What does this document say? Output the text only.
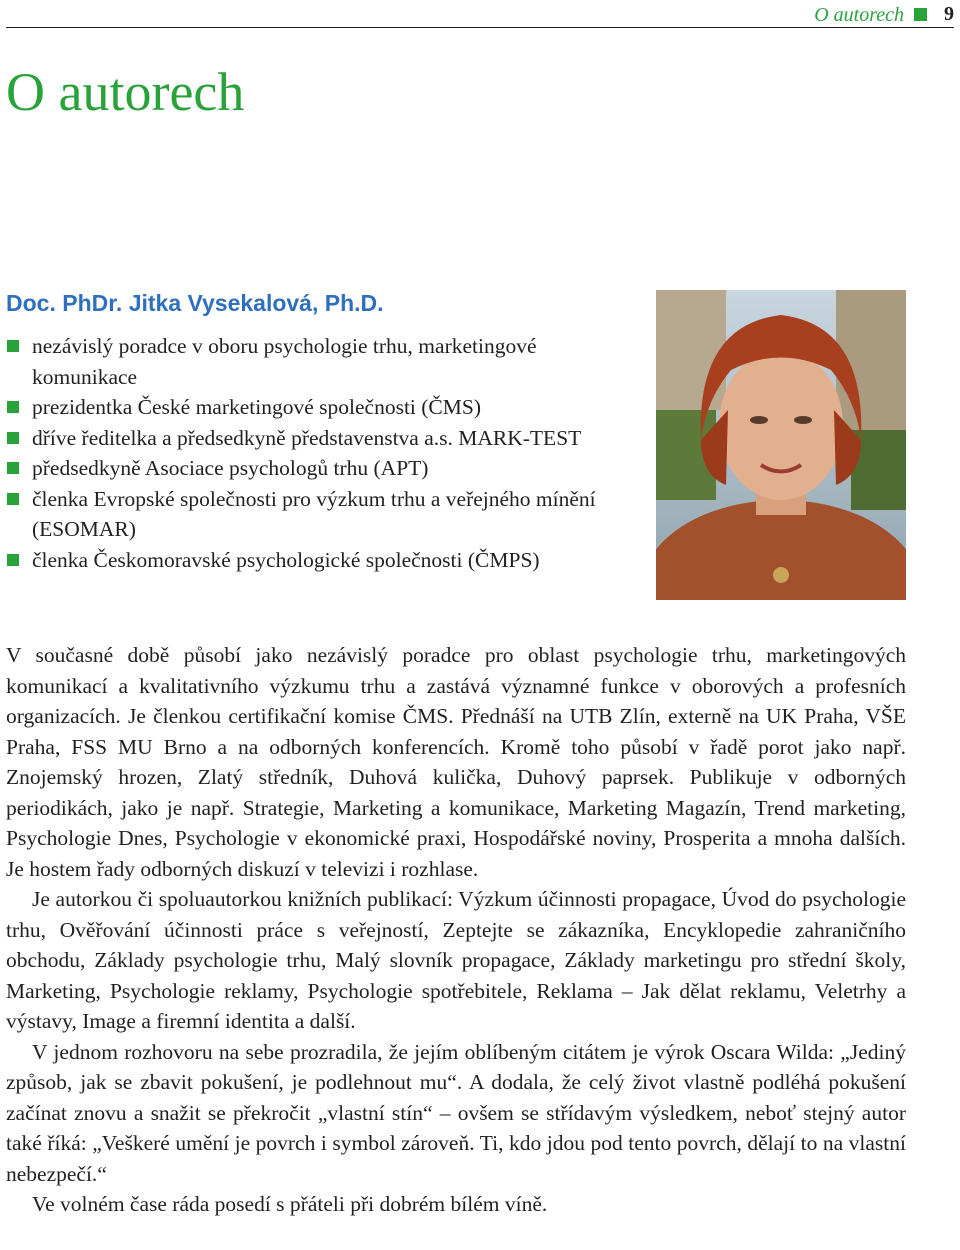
O autorech 9
O autorech
Doc. PhDr. Jitka Vysekalová, Ph.D.
nezávislý poradce v oboru psychologie trhu, marketingové komunikace
prezidentka České marketingové společnosti (ČMS)
dříve ředitelka a předsedkyně představenstva a.s. MARK-TEST
předsedkyně Asociace psychologů trhu (APT)
členka Evropské společnosti pro výzkum trhu a veřejného mínění (ESOMAR)
členka Českomoravské psychologické společnosti (ČMPS)

V současné době působí jako nezávislý poradce pro oblast psychologie trhu, marketingových komunikací a kvalitativního výzkumu trhu a zastává významné funkce v oborových a profesních organizacích. Je členkou certifikační komise ČMS. Přednáší na UTB Zlín, externě na UK Praha, VŠE Praha, FSS MU Brno a na odborných konferencích. Kromě toho působí v řadě porot jako např. Znojemský hrozen, Zlatý středník, Duhová kulička, Duhový paprsek. Publikuje v odborných periodikách, jako je např. Strategie, Marketing a komunikace, Marketing Magazín, Trend marketing, Psychologie Dnes, Psychologie v ekonomické praxi, Hospodářské noviny, Prosperita a mnoha dalších. Je hostem řady odborných diskuzí v televizi i rozhlase.

Je autorkou či spoluautorkou knižních publikací: Výzkum účinnosti propagace, Úvod do psychologie trhu, Ověřování účinnosti práce s veřejností, Zeptejte se zákazníka, Encyklopedie zahraničního obchodu, Základy psychologie trhu, Malý slovník propagace, Základy marketingu pro střední školy, Marketing, Psychologie reklamy, Psychologie spotřebitele, Reklama – Jak dělat reklamu, Veletrhy a výstavy, Image a firemní identita a další.

V jednom rozhovoru na sebe prozradila, že jejím oblíbeným citátem je výrok Oscara Wilda: „Jediný způsob, jak se zbavit pokušení, je podlehnout mu“. A dodala, že celý život vlastně podléhá pokušení začínat znovu a snažit se překročit „vlastní stín“ – ovšem se střídavým výsledkem, neboť stejný autor také říká: „Veškeré umění je povrch i symbol zároveň. Ti, kdo jdou pod tento povrch, dělají to na vlastní nebezpečí.“

Ve volném čase ráda posedí s přáteli při dobrém bílém víně.
